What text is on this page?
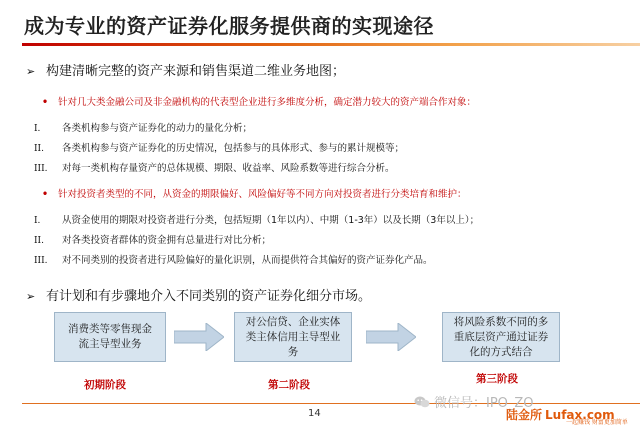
成为专业的资产证券化服务提供商的实现途径
➢ 构建清晰完整的资产来源和销售渠道二维业务地图；
• 针对几大类金融公司及非金融机构的代表型企业进行多维度分析，确定潜力较大的资产端合作对象：
I. 各类机构参与资产证券化的动力的量化分析；
II. 各类机构参与资产证券化的历史情况，包括参与的具体形式、参与的累计规模等；
III. 对每一类机构存量资产的总体规模、期限、收益率、风险系数等进行综合分析。
• 针对投资者类型的不同，从资金的期限偏好、风险偏好等不同方向对投资者进行分类培育和维护：
I. 从资金使用的期限对投资者进行分类，包括短期（1年以内）、中期（1-3年）以及长期（3年以上）；
II. 对各类投资者群体的资金拥有总量进行对比分析；
III. 对不同类别的投资者进行风险偏好的量化识别，从而提供符合其偏好的资产证券化产品。
➢ 有计划和有步骤地介入不同类别的资产证券化细分市场。
消费类等零售现金流主导型业务
初期阶段
对公信贷、企业实体类主体信用主导型业务
第二阶段
将风险系数不同的多重底层资产通过证券化的方式结合
第三阶段
14
微信号：IPO_ZO
陆金所 Lufax.com
一起赚钱 财富更加简单
